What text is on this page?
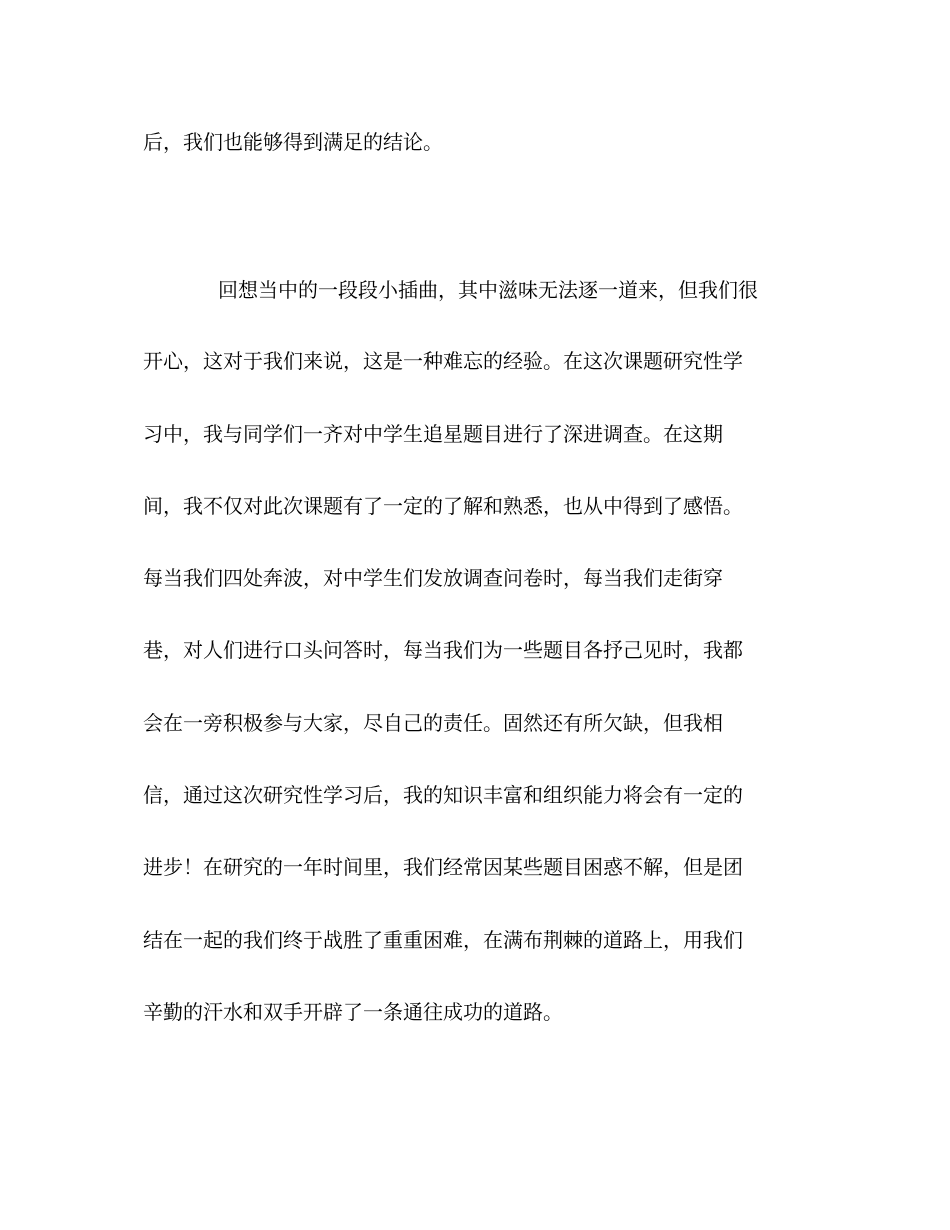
后，我们也能够得到满足的结论。

回想当中的一段段小插曲，其中滋味无法逐一道来，但我们很

开心，这对于我们来说，这是一种难忘的经验。在这次课题研究性学

习中，我与同学们一齐对中学生追星题目进行了深进调查。在这期

间，我不仅对此次课题有了一定的了解和熟悉，也从中得到了感悟。

每当我们四处奔波，对中学生们发放调查问卷时，每当我们走街穿

巷，对人们进行口头问答时，每当我们为一些题目各抒己见时，我都

会在一旁积极参与大家，尽自己的责任。固然还有所欠缺，但我相

信，通过这次研究性学习后，我的知识丰富和组织能力将会有一定的

进步！在研究的一年时间里，我们经常因某些题目困惑不解，但是团

结在一起的我们终于战胜了重重困难，在满布荆棘的道路上，用我们

辛勤的汗水和双手开辟了一条通往成功的道路。
